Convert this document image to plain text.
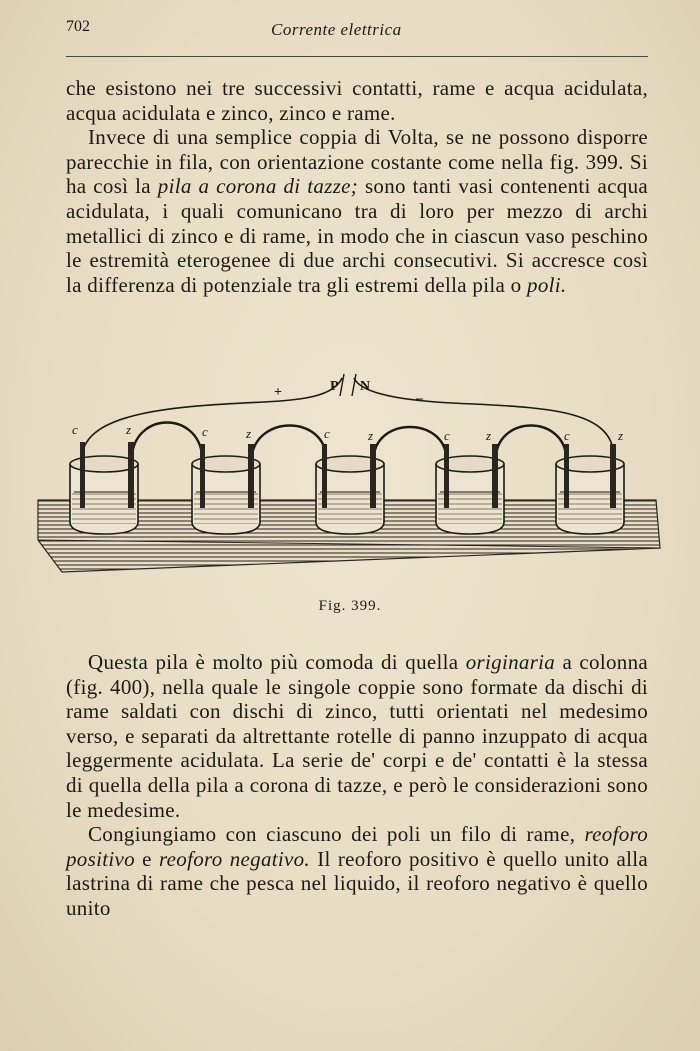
702	Corrente elettrica

che esistono nei tre successivi contatti, rame e acqua acidulata, acqua acidulata e zinco, zinco e rame.

Invece di una semplice coppia di Volta, se ne possono disporre parecchie in fila, con orientazione costante come nella fig. 399. Si ha così la pila a corona di tazze; sono tanti vasi contenenti acqua acidulata, i quali comunicano tra di loro per mezzo di archi metallici di zinco e di rame, in modo che in ciascun vaso peschino le estremità eterogenee di due archi consecutivi. Si accresce così la differenza di potenziale tra gli estremi della pila o poli.

+	P N
–
c	z	c	z	c	z	c	z	c	z
Fig. 399.

Questa pila è molto più comoda di quella originaria a colonna (fig. 400), nella quale le singole coppie sono formate da dischi di rame saldati con dischi di zinco, tutti orientati nel medesimo verso, e separati da altrettante rotelle di panno inzuppato di acqua leggermente acidulata. La serie de' corpi e de' contatti è la stessa di quella della pila a corona di tazze, e però le considerazioni sono le medesime.

Congiungiamo con ciascuno dei poli un filo di rame, reoforo positivo e reoforo negativo. Il reoforo positivo è quello unito alla lastrina di rame che pesca nel liquido, il reoforo negativo è quello unito
